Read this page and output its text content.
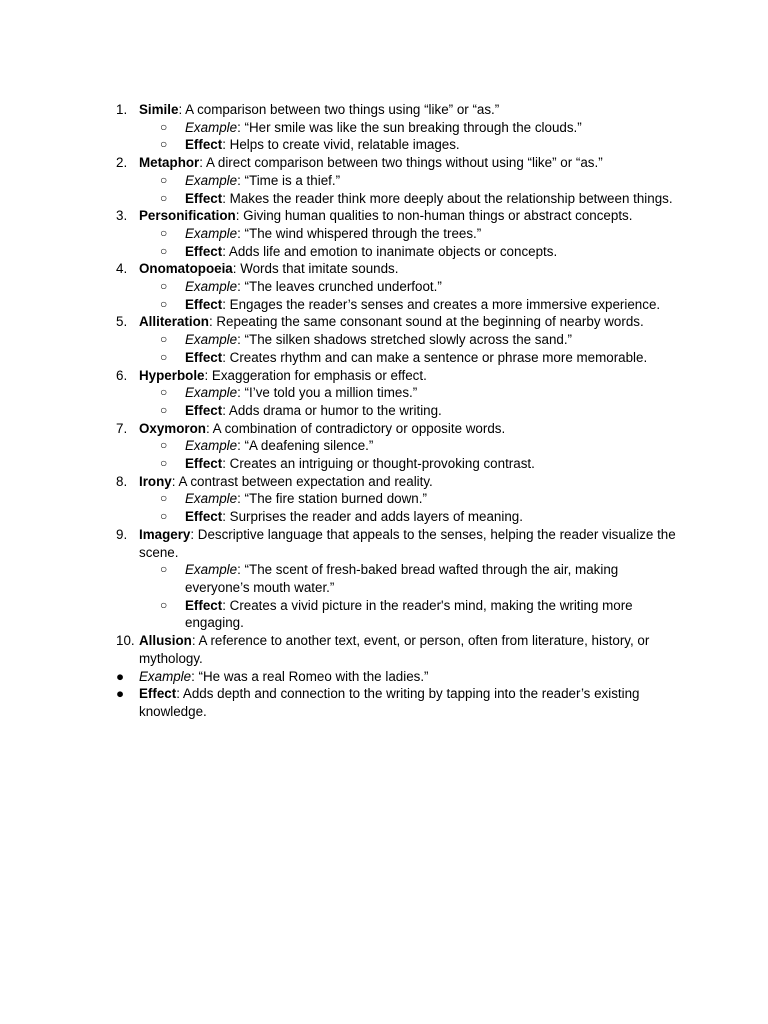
1. Simile: A comparison between two things using “like” or “as.”
○ Example: “Her smile was like the sun breaking through the clouds.”
○ Effect: Helps to create vivid, relatable images.
2. Metaphor: A direct comparison between two things without using “like” or “as.”
○ Example: “Time is a thief.”
○ Effect: Makes the reader think more deeply about the relationship between things.
3. Personification: Giving human qualities to non-human things or abstract concepts.
○ Example: “The wind whispered through the trees.”
○ Effect: Adds life and emotion to inanimate objects or concepts.
4. Onomatopoeia: Words that imitate sounds.
○ Example: “The leaves crunched underfoot.”
○ Effect: Engages the reader’s senses and creates a more immersive experience.
5. Alliteration: Repeating the same consonant sound at the beginning of nearby words.
○ Example: “The silken shadows stretched slowly across the sand.”
○ Effect: Creates rhythm and can make a sentence or phrase more memorable.
6. Hyperbole: Exaggeration for emphasis or effect.
○ Example: “I’ve told you a million times.”
○ Effect: Adds drama or humor to the writing.
7. Oxymoron: A combination of contradictory or opposite words.
○ Example: “A deafening silence.”
○ Effect: Creates an intriguing or thought-provoking contrast.
8. Irony: A contrast between expectation and reality.
○ Example: “The fire station burned down.”
○ Effect: Surprises the reader and adds layers of meaning.
9. Imagery: Descriptive language that appeals to the senses, helping the reader visualize the scene.
○ Example: “The scent of fresh-baked bread wafted through the air, making everyone’s mouth water.”
○ Effect: Creates a vivid picture in the reader's mind, making the writing more engaging.
10. Allusion: A reference to another text, event, or person, often from literature, history, or mythology.
● Example: “He was a real Romeo with the ladies.”
● Effect: Adds depth and connection to the writing by tapping into the reader’s existing knowledge.
